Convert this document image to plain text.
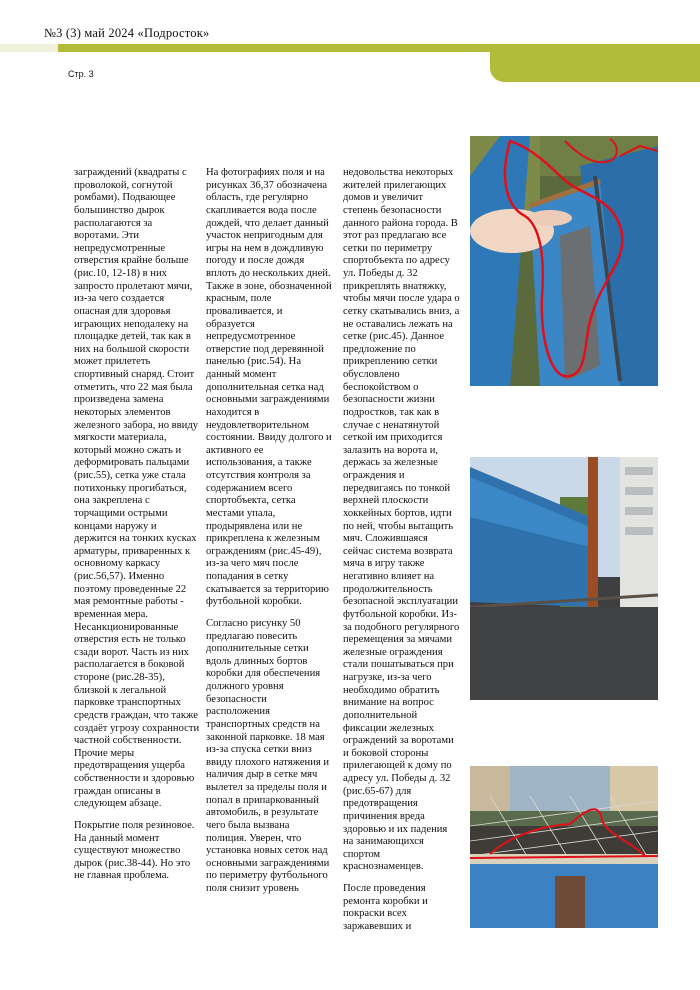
№3 (3) май 2024 «Подросток»
Стр. 3

заграждений (квадраты с проволокой, согнутой ромбами). Подвающее большинство дырок располагаются за воротами. Эти непредусмотренные отверстия крайне больше (рис.10, 12-18) в них запросто пролетают мячи, из-за чего создается опасная для здоровья играющих неподалеку на площадке детей, так как в них на большой скорости может прилететь спортивный снаряд. Стоит отметить, что 22 мая была произведена замена некоторых элементов железного забора, но ввиду мягкости материала, который можно сжать и деформировать пальцами (рис.55), сетка уже стала потихоньку прогибаться, она закреплена с торчащими острыми концами наружу и держится на тонких кусках арматуры, приваренных к основному каркасу (рис.56,57). Именно поэтому проведенные 22 мая ремонтные работы - временная мера. Несанкционированные отверстия есть не только сзади ворот. Часть из них располагается в боковой стороне (рис.28-35), близкой к легальной парковке транспортных средств граждан, что также создаёт угрозу сохранности частной собственности. Прочие меры предотвращения ущерба собственности и здоровью граждан описаны в следующем абзаце.

Покрытие поля резиновое. На данный момент существуют множество дырок (рис.38-44). Но это не главная проблема.

На фотографиях поля и на рисунках 36,37 обозначена область, где регулярно скапливается вода после дождей, что делает данный участок непригодным для игры на нем в дождливую погоду и после дождя вплоть до нескольких дней. Также в зоне, обозначенной красным, поле проваливается, и образуется непредусмотренное отверстие под деревянной панелью (рис.54). На данный момент дополнительная сетка над основными заграждениями находится в неудовлетворительном состоянии. Ввиду долгого и активного ее использования, а также отсутствия контроля за содержанием всего спортобъекта, сетка местами упала, продырявлена или не прикреплена к железным ограждениям (рис.45-49), из-за чего мяч после попадания в сетку скатывается за территорию футбольной коробки.

Согласно рисунку 50 предлагаю повесить дополнительные сетки вдоль длинных бортов коробки для обеспечения должного уровня безопасности расположения транспортных средств на законной парковке. 18 мая из-за спуска сетки вниз ввиду плохого натяжения и наличия дыр в сетке мяч вылетел за пределы поля и попал в припаркованный автомобиль, в результате чего была вызвана полиция. Уверен, что установка новых сеток над основными заграждениями по периметру футбольного поля снизит уровень

недовольства некоторых жителей прилегающих домов и увеличит степень безопасности данного района города. В этот раз предлагаю все сетки по периметру спортобъекта по адресу ул. Победы д. 32 прикреплять внатяжку, чтобы мячи после удара о сетку скатывались вниз, а не оставались лежать на сетке (рис.45). Данное предложение по прикреплению сетки обусловлено беспокойством о безопасности жизни подростков, так как в случае с ненатянутой сеткой им приходится залазить на ворота и, держась за железные ограждения и передвигаясь по тонкой верхней плоскости хоккейных бортов, идти по ней, чтобы вытащить мяч. Сложившаяся сейчас система возврата мяча в игру также негативно влияет на продолжительность безопасной эксплуатации футбольной коробки. Из-за подобного регулярного перемещения за мячами железные ограждения стали пошатываться при нагрузке, из-за чего необходимо обратить внимание на вопрос дополнительной фиксации железных ограждений за воротами и боковой стороны прилегающей к дому по адресу ул. Победы д. 32 (рис.65-67) для предотвращения причинения вреда здоровью и их падения на занимающихся спортом краснознаменцев.

После проведения ремонта коробки и покраски всех заржавевших и
